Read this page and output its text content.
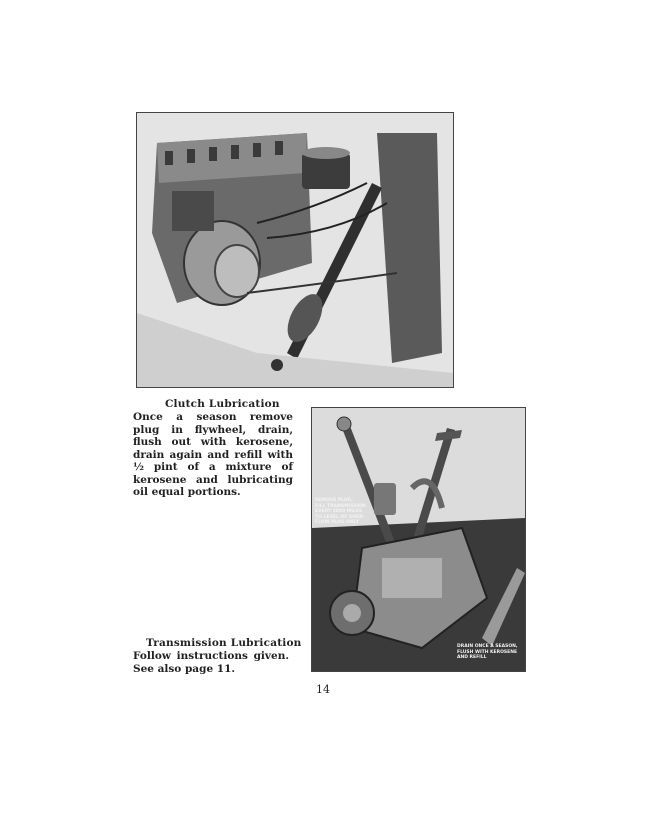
Clutch Lubrication
Once a season remove plug in flywheel, drain, flush out with kerosene, drain again and refill with ½ pint of a mixture of kerosene and lubricating oil equal portions.
REMOVE PLUG,
FILL TRANSMISSION
EVERY 3000 MILES
TO LEVEL OF OVER-
FLOW PLUG ONLY
DRAIN ONCE A SEASON,
FLUSH WITH KEROSENE
AND REFILL
Transmission Lubrication
Follow instructions given. See also page 11.
14
